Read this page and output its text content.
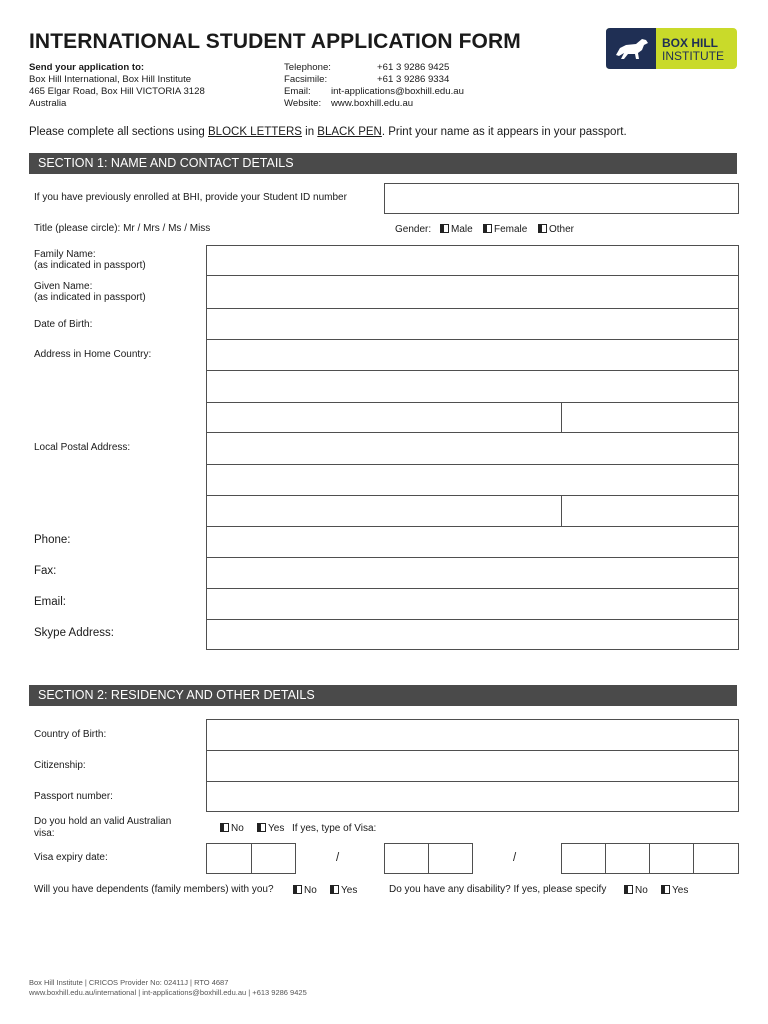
INTERNATIONAL STUDENT APPLICATION FORM	BOX HILL
INSTITUTE
Send your application to:
Box Hill International, Box Hill Institute
465 Elgar Road, Box Hill VICTORIA 3128
Australia
Telephone:	+61 3 9286 9425
Facsimile:	+61 3 9286 9334
Email: int-applications@boxhill.edu.au
Website: www.boxhill.edu.au
Please complete all sections using BLOCK LETTERS in BLACK PEN. Print your name as it appears in your passport.
SECTION 1: NAME AND CONTACT DETAILS
If you have previously enrolled at BHI, provide your Student ID number
Title (please circle): Mr / Mrs / Ms / Miss	Gender:	Male	Female	Other
Family Name:
(as indicated in passport)
Given Name:
(as indicated in passport)
Date of Birth:
Address in Home Country:
Local Postal Address:
Phone:
Fax:
Email:
Skype Address:
SECTION 2: RESIDENCY AND OTHER DETAILS
Country of Birth:
Citizenship:
Passport number:
Do you hold an valid Australian
visa:	No	Yes If yes, type of Visa:
Visa expiry date:	/	/
Will you have dependents (family members) with you?	No	Yes	Do you have any disability? If yes, please specify	No	Yes
Box Hill Institute | CRICOS Provider No: 02411J | RTO 4687
www.boxhill.edu.au/international | int-applications@boxhill.edu.au | +613 9286 9425
